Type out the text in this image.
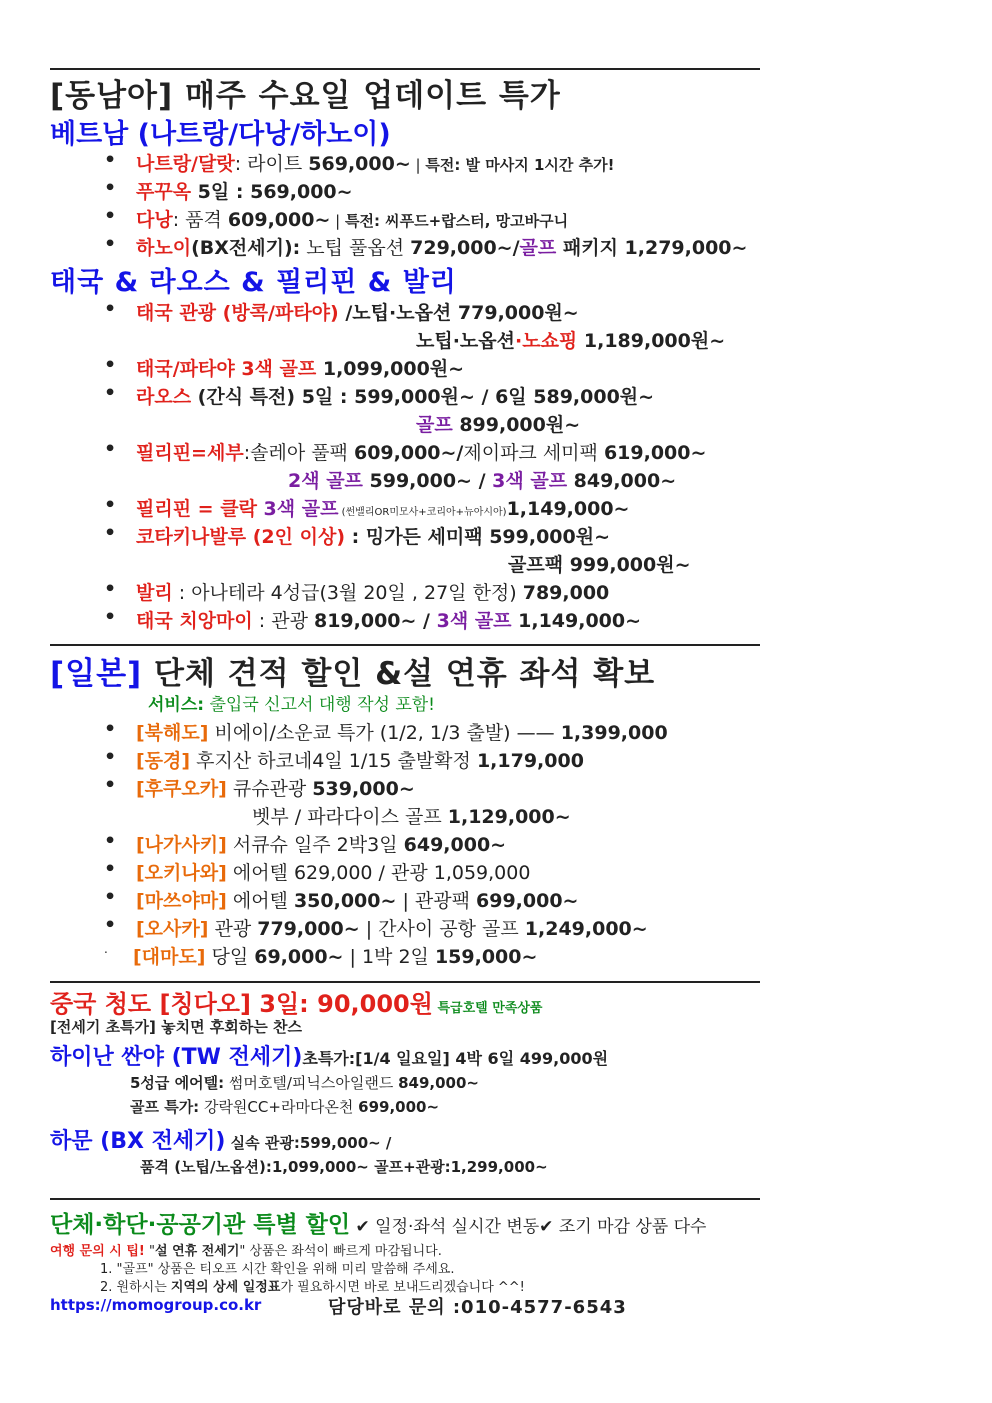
[동남아] 매주 수요일 업데이트 특가
베트남 (나트랑/다낭/하노이)
• 나트랑/달랏: 라이트 569,000~ | 특전: 발 마사지 1시간 추가!
• 푸꾸옥 5일 : 569,000~
• 다낭: 품격 609,000~ | 특전: 씨푸드+랍스터, 망고바구니
• 하노이(BX전세기): 노팁 풀옵션 729,000~/골프 패키지 1,279,000~
태국 & 라오스 & 필리핀 & 발리
• 태국 관광 (방콕/파타야) /노팁·노옵션 779,000원~
노팁·노옵션·노쇼핑 1,189,000원~
• 태국/파타야 3색 골프 1,099,000원~
• 라오스 (간식 특전) 5일 : 599,000원~ / 6일 589,000원~
골프 899,000원~
• 필리핀=세부:솔레아 풀팩 609,000~/제이파크 세미팩 619,000~
2색 골프 599,000~ / 3색 골프 849,000~
• 필리핀 = 클락 3색 골프 (썬밸리OR미모사+코리아+뉴아시아)1,149,000~
• 코타키나발루 (2인 이상) : 밍가든 세미팩 599,000원~
골프팩 999,000원~
• 발리 : 아나테라 4성급(3월 20일 , 27일 한정) 789,000
• 태국 치앙마이 : 관광 819,000~ / 3색 골프 1,149,000~
[일본] 단체 견적 할인 &설 연휴 좌석 확보
서비스: 출입국 신고서 대행 작성 포함!
• [북해도] 비에이/소운쿄 특가 (1/2, 1/3 출발) —— 1,399,000
• [동경] 후지산 하코네4일 1/15 출발확정 1,179,000
• [후쿠오카] 큐슈관광 539,000~
벳부 / 파라다이스 골프 1,129,000~
• [나가사키] 서큐슈 일주 2박3일 649,000~
• [오키나와] 에어텔 629,000 / 관광 1,059,000
• [마쓰야마] 에어텔 350,000~ | 관광팩 699,000~
• [오사카] 관광 779,000~ | 간사이 공항 골프 1,249,000~
. [대마도] 당일 69,000~ | 1박 2일 159,000~
중국 청도 [칭다오] 3일: 90,000원 특급호텔 만족상품
[전세기 초특가] 놓치면 후회하는 찬스
하이난 싼야 (TW 전세기)초특가:[1/4 일요일] 4박 6일 499,000원
5성급 에어텔: 썸머호텔/피닉스아일랜드 849,000~
골프 특가: 강락원CC+라마다온천 699,000~
하문 (BX 전세기) 실속 관광:599,000~ /
품격 (노팁/노옵션):1,099,000~ 골프+관광:1,299,000~
단체·학단·공공기관 특별 할인 ✔ 일정·좌석 실시간 변동✔ 조기 마감 상품 다수
여행 문의 시 팁! "설 연휴 전세기" 상품은 좌석이 빠르게 마감됩니다.
1. "골프" 상품은 티오프 시간 확인을 위해 미리 말씀해 주세요.
2. 원하시는 지역의 상세 일정표가 필요하시면 바로 보내드리겠습니다 ^^!
https://momogroup.co.kr	담당바로 문의 :010-4577-6543
